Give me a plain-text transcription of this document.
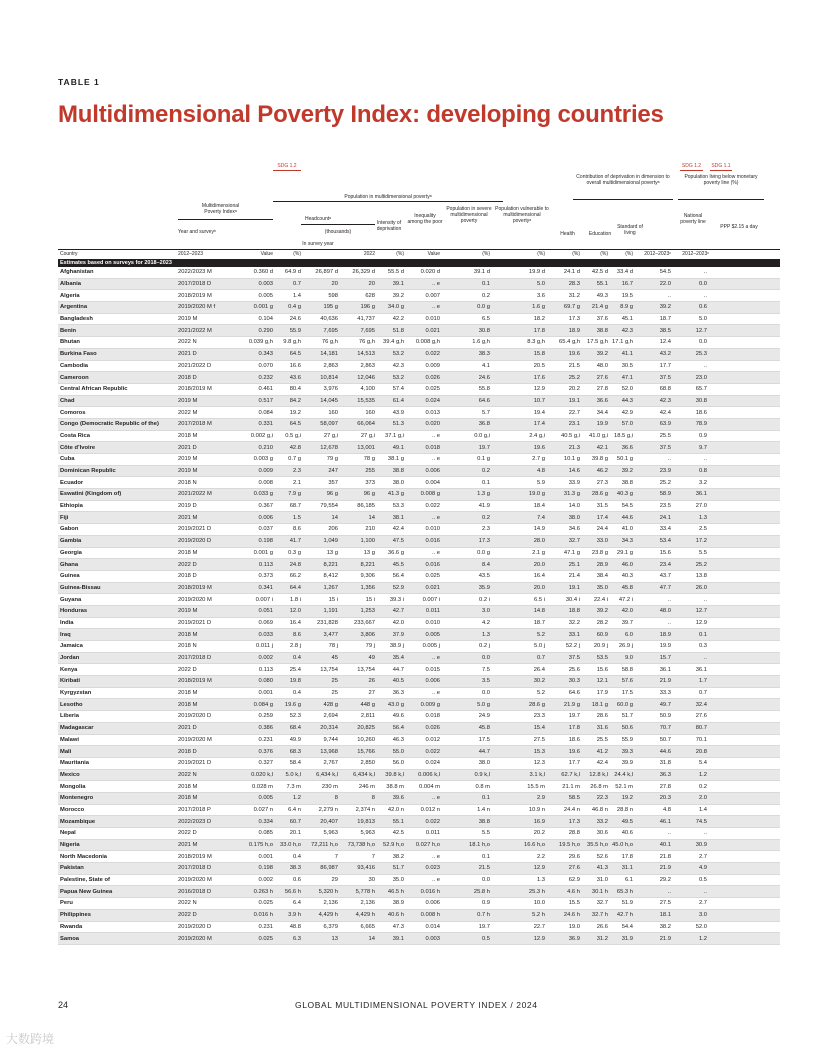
TABLE 1
Multidimensional Poverty Index: developing countries
SDG 1.2	SDG 1.2	SDG 1.1
Contribution of deprivation in dimension to overall multidimensional povertyᵃ
Population living below monetary poverty line (%)
Population in multidimensional povertyᵃ
Multidimensional Poverty Indexᵃ
Year and surveyᵇ
Headcountᵃ
(thousands)
Intensity of deprivation
Inequality among the poor
Population in severe multidimensional poverty
Population vulnerable to multidimensional povertyᵃ
Health	Education
Standard of living
National poverty line
PPP $2.15 a day
In survey year
Country	2012–2023	Value	(%)	2022	(%)	Value	(%)	(%)	(%)	(%)	(%)	2012–2023ᶜ	2012–2023ᶜ
Estimates based on surveys for 2018–2023
Afghanistan	2022/2023 M	0.360 d	64.9 d	26,897 d	26,329 d	55.5 d	0.020 d	39.1 d	19.9 d	24.1 d	42.5 d	33.4 d	54.5	..
Albania	2017/2018 D	0.003	0.7	20	20	39.1	.. e	0.1	5.0	28.3	55.1	16.7	22.0	0.0
Algeria	2018/2019 M	0.005	1.4	598	628	39.2	0.007	0.2	3.6	31.2	49.3	19.5	..	..
Argentina	2019/2020 M f	0.001 g	0.4 g	195 g	196 g	34.0 g	.. e	0.0 g	1.6 g	69.7 g	21.4 g	8.9 g	39.2	0.6
Bangladesh	2019 M	0.104	24.6	40,636	41,737	42.2	0.010	6.5	18.2	17.3	37.6	45.1	18.7	5.0
Benin	2021/2022 M	0.290	55.9	7,695	7,695	51.8	0.021	30.8	17.8	18.9	38.8	42.3	38.5	12.7
Bhutan	2022 N	0.039 g,h	9.8 g,h	76 g,h	76 g,h	39.4 g,h	0.008 g,h	1.6 g,h	8.3 g,h	65.4 g,h	17.5 g,h 17.1 g,h	12.4	0.0
Burkina Faso	2021 D	0.343	64.5	14,181	14,513	53.2	0.022	38.3	15.8	19.6	39.2	41.1	43.2	25.3
Cambodia	2021/2022 D	0.070	16.6	2,863	2,863	42.3	0.009	4.1	20.5	21.5	48.0	30.5	17.7	..
Cameroon	2018 D	0.232	43.6	10,814	12,046	53.2	0.026	24.6	17.6	25.2	27.6	47.1	37.5	23.0
Central African Republic	2018/2019 M	0.461	80.4	3,976	4,100	57.4	0.025	55.8	12.9	20.2	27.8	52.0	68.8	65.7
Chad	2019 M	0.517	84.2	14,045	15,535	61.4	0.024	64.6	10.7	19.1	36.6	44.3	42.3	30.8
Comoros	2022 M	0.084	19.2	160	160	43.9	0.013	5.7	19.4	22.7	34.4	42.9	42.4	18.6
Congo (Democratic Republic of the)	2017/2018 M	0.331	64.5	58,097	66,064	51.3	0.020	36.8	17.4	23.1	19.9	57.0	63.9	78.9
Costa Rica	2018 M	0.002 g,i	0.5 g,i	27 g,i	27 g,i	37.1 g,i	.. e	0.0 g,i	2.4 g,i	40.5 g,i	41.0 g,i	18.5 g,i	25.5	0.9
Côte d’Ivoire	2021 D	0.210	42.8	12,678	13,001	49.1	0.018	19.7	19.6	21.3	42.1	36.6	37.5	9.7
Cuba	2019 M	0.003 g	0.7 g	79 g	78 g	38.1 g	.. e	0.1 g	2.7 g	10.1 g	39.8 g	50.1 g	..	..
Dominican Republic	2019 M	0.009	2.3	247	255	38.8	0.006	0.2	4.8	14.6	46.2	39.2	23.9	0.8
Ecuador	2018 N	0.008	2.1	357	373	38.0	0.004	0.1	5.9	33.9	27.3	38.8	25.2	3.2
Eswatini (Kingdom of)	2021/2022 M	0.033 g	7.9 g	96 g	96 g	41.3 g	0.008 g	1.3 g	19.0 g	31.3 g	28.6 g	40.3 g	58.9	36.1
Ethiopia	2019 D	0.367	68.7	79,554	86,185	53.3	0.022	41.9	18.4	14.0	31.5	54.5	23.5	27.0
Fiji	2021 M	0.006	1.5	14	14	38.1	.. e	0.2	7.4	38.0	17.4	44.6	24.1	1.3
Gabon	2019/2021 D	0.037	8.6	206	210	42.4	0.010	2.3	14.9	34.6	24.4	41.0	33.4	2.5
Gambia	2019/2020 D	0.198	41.7	1,049	1,100	47.5	0.016	17.3	28.0	32.7	33.0	34.3	53.4	17.2
Georgia	2018 M	0.001 g	0.3 g	13 g	13 g	36.6 g	.. e	0.0 g	2.1 g	47.1 g	23.8 g	29.1 g	15.6	5.5
Ghana	2022 D	0.113	24.8	8,221	8,221	45.5	0.016	8.4	20.0	25.1	28.9	46.0	23.4	25.2
Guinea	2018 D	0.373	66.2	8,412	9,306	56.4	0.025	43.5	16.4	21.4	38.4	40.3	43.7	13.8
Guinea-Bissau	2018/2019 M	0.341	64.4	1,267	1,356	52.9	0.021	35.9	20.0	19.1	35.0	45.8	47.7	26.0
Guyana	2019/2020 M	0.007 i	1.8 i	15 i	15 i	39.3 i	0.007 i	0.2 i	6.5 i	30.4 i	22.4 i	47.2 i	..	..
Honduras	2019 M	0.051	12.0	1,191	1,253	42.7	0.011	3.0	14.8	18.8	39.2	42.0	48.0	12.7
India	2019/2021 D	0.069	16.4	231,828	233,667	42.0	0.010	4.2	18.7	32.2	28.2	39.7	..	12.9
Iraq	2018 M	0.033	8.6	3,477	3,806	37.9	0.005	1.3	5.2	33.1	60.9	6.0	18.9	0.1
Jamaica	2018 N	0.011 j	2.8 j	78 j	79 j	38.9 j	0.005 j	0.2 j	5.0 j	52.2 j	20.9 j	26.9 j	19.9	0.3
Jordan	2017/2018 D	0.002	0.4	45	49	35.4	.. e	0.0	0.7	37.5	53.5	9.0	15.7	..
Kenya	2022 D	0.113	25.4	13,754	13,754	44.7	0.015	7.5	26.4	25.6	15.6	58.8	36.1	36.1
Kiribati	2018/2019 M	0.080	19.8	25	26	40.5	0.006	3.5	30.2	30.3	12.1	57.6	21.9	1.7
Kyrgyzstan	2018 M	0.001	0.4	25	27	36.3	.. e	0.0	5.2	64.6	17.9	17.5	33.3	0.7
Lesotho	2018 M	0.084 g	19.6 g	428 g	448 g	43.0 g	0.009 g	5.0 g	28.6 g	21.9 g	18.1 g	60.0 g	49.7	32.4
Liberia	2019/2020 D	0.259	52.3	2,694	2,811	49.6	0.018	24.9	23.3	19.7	28.6	51.7	50.9	27.6
Madagascar	2021 D	0.386	68.4	20,314	20,825	56.4	0.026	45.8	15.4	17.8	31.6	50.6	70.7	80.7
Malawi	2019/2020 M	0.231	49.9	9,744	10,260	46.3	0.012	17.5	27.5	18.6	25.5	55.9	50.7	70.1
Mali	2018 D	0.376	68.3	13,968	15,766	55.0	0.022	44.7	15.3	19.6	41.2	39.3	44.6	20.8
Mauritania	2019/2021 D	0.327	58.4	2,767	2,850	56.0	0.024	38.0	12.3	17.7	42.4	39.9	31.8	5.4
Mexico	2022 N	0.020 k,l	5.0 k,l	6,434 k,l	6,434 k,l	39.8 k,l	0.006 k,l	0.9 k,l	3.1 k,l	62.7 k,l	12.8 k,l	24.4 k,l	36.3	1.2
Mongolia	2018 M	0.028 m	7.3 m	230 m	246 m	38.8 m	0.004 m	0.8 m	15.5 m	21.1 m	26.8 m	52.1 m	27.8	0.2
Montenegro	2018 M	0.005	1.2	8	8	39.6	.. e	0.1	2.9	58.5	22.3	19.2	20.3	2.0
Morocco	2017/2018 P	0.027 n	6.4 n	2,279 n	2,374 n	42.0 n	0.012 n	1.4 n	10.9 n	24.4 n	46.8 n	28.8 n	4.8	1.4
Mozambique	2022/2023 D	0.334	60.7	20,407	19,813	55.1	0.022	38.8	16.9	17.3	33.2	49.5	46.1	74.5
Nepal	2022 D	0.085	20.1	5,963	5,963	42.5	0.011	5.5	20.2	28.8	30.6	40.6	..	..
Nigeria	2021 M	0.175 h,o	33.0 h,o	72,211 h,o	73,738 h,o	52.9 h,o	0.027 h,o	18.1 h,o	16.6 h,o	19.5 h,o	35.5 h,o 45.0 h,o	40.1	30.9
North Macedonia	2018/2019 M	0.001	0.4	7	7	38.2	.. e	0.1	2.2	29.6	52.6	17.8	21.8	2.7
Pakistan	2017/2018 D	0.198	38.3	86,987	93,416	51.7	0.023	21.5	12.9	27.6	41.3	31.1	21.9	4.9
Palestine, State of	2019/2020 M	0.002	0.6	29	30	35.0	.. e	0.0	1.3	62.9	31.0	6.1	29.2	0.5
Papua New Guinea	2016/2018 D	0.263 h	56.6 h	5,320 h	5,778 h	46.5 h	0.016 h	25.8 h	25.3 h	4.6 h	30.1 h	65.3 h	..	..
Peru	2022 N	0.025	6.4	2,136	2,136	38.9	0.006	0.9	10.0	15.5	32.7	51.9	27.5	2.7
Philippines	2022 D	0.016 h	3.9 h	4,429 h	4,429 h	40.6 h	0.008 h	0.7 h	5.2 h	24.6 h	32.7 h	42.7 h	18.1	3.0
Rwanda	2019/2020 D	0.231	48.8	6,379	6,665	47.3	0.014	19.7	22.7	19.0	26.6	54.4	38.2	52.0
Samoa	2019/2020 M	0.025	6.3	13	14	39.1	0.003	0.5	12.9	36.9	31.2	31.9	21.9	1.2
24	GLOBAL MULTIDIMENSIONAL POVERTY INDEX / 2024
大数跨境
